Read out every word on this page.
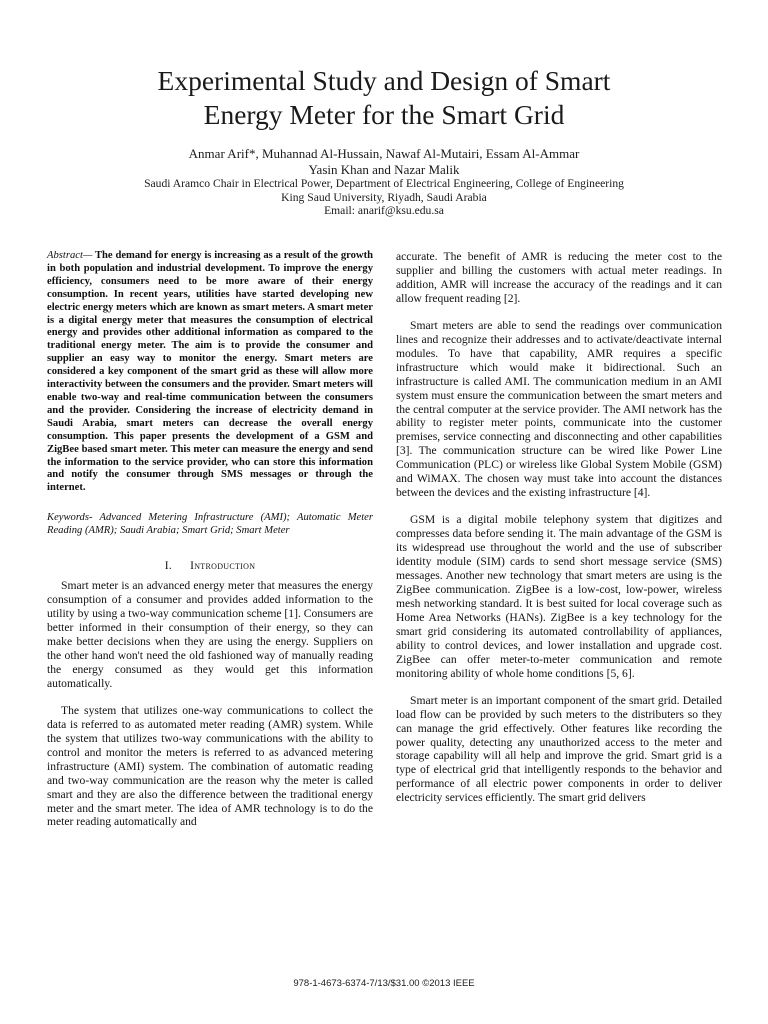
Experimental Study and Design of Smart
Energy Meter for the Smart Grid
Anmar Arif*, Muhannad Al-Hussain, Nawaf Al-Mutairi, Essam Al-Ammar
Yasin Khan and Nazar Malik
Saudi Aramco Chair in Electrical Power, Department of Electrical Engineering, College of Engineering
King Saud University, Riyadh, Saudi Arabia
Email: anarif@ksu.edu.sa

Abstract— The demand for energy is increasing as a result of the growth in both population and industrial development. To improve the energy efficiency, consumers need to be more aware of their energy consumption. In recent years, utilities have started developing new electric energy meters which are known as smart meters. A smart meter is a digital energy meter that measures the consumption of electrical energy and provides other additional information as compared to the traditional energy meter. The aim is to provide the consumer and supplier an easy way to monitor the energy. Smart meters are considered a key component of the smart grid as these will allow more interactivity between the consumers and the provider. Smart meters will enable two-way and real-time communication between the consumers and the provider. Considering the increase of electricity demand in Saudi Arabia, smart meters can decrease the overall energy consumption. This paper presents the development of a GSM and ZigBee based smart meter. This meter can measure the energy and send the information to the service provider, who can store this information and notify the consumer through SMS messages or through the internet.

Keywords- Advanced Metering Infrastructure (AMI); Automatic Meter Reading (AMR); Saudi Arabia; Smart Grid; Smart Meter

I. Introduction

Smart meter is an advanced energy meter that measures the energy consumption of a consumer and provides added information to the utility by using a two-way communication scheme [1]. Consumers are better informed in their consumption of their energy, so they can make better decisions when they are using the energy. Suppliers on the other hand won't need the old fashioned way of manually reading the energy consumed as they would get this information automatically.

The system that utilizes one-way communications to collect the data is referred to as automated meter reading (AMR) system. While the system that utilizes two-way communications with the ability to control and monitor the meters is referred to as advanced metering infrastructure (AMI) system. The combination of automatic reading and two-way communication are the reason why the meter is called smart and they are also the difference between the traditional energy meter and the smart meter. The idea of AMR technology is to do the meter reading automatically and

accurate. The benefit of AMR is reducing the meter cost to the supplier and billing the customers with actual meter readings. In addition, AMR will increase the accuracy of the readings and it can allow frequent reading [2].

Smart meters are able to send the readings over communication lines and recognize their addresses and to activate/deactivate internal modules. To have that capability, AMR requires a specific infrastructure which would make it bidirectional. Such an infrastructure is called AMI. The communication medium in an AMI system must ensure the communication between the smart meters and the central computer at the service provider. The AMI network has the ability to register meter points, communicate into the customer premises, service connecting and disconnecting and other capabilities [3]. The communication structure can be wired like Power Line Communication (PLC) or wireless like Global System Mobile (GSM) and WiMAX. The chosen way must take into account the distances between the devices and the existing infrastructure [4].

GSM is a digital mobile telephony system that digitizes and compresses data before sending it. The main advantage of the GSM is its widespread use throughout the world and the use of subscriber identity module (SIM) cards to send short message service (SMS) messages. Another new technology that smart meters are using is the ZigBee communication. ZigBee is a low-cost, low-power, wireless mesh networking standard. It is best suited for local coverage such as Home Area Networks (HANs). ZigBee is a key technology for the smart grid considering its automated controllability of appliances, ability to control devices, and lower installation and upgrade cost. ZigBee can offer meter-to-meter communication and remote monitoring ability of whole home conditions [5, 6].

Smart meter is an important component of the smart grid. Detailed load flow can be provided by such meters to the distributers so they can manage the grid effectively. Other features like recording the power quality, detecting any unauthorized access to the meter and storage capability will all help and improve the grid. Smart grid is a type of electrical grid that intelligently responds to the behavior and performance of all electric power components in order to deliver electricity services efficiently. The smart grid delivers

978-1-4673-6374-7/13/$31.00 ©2013 IEEE
